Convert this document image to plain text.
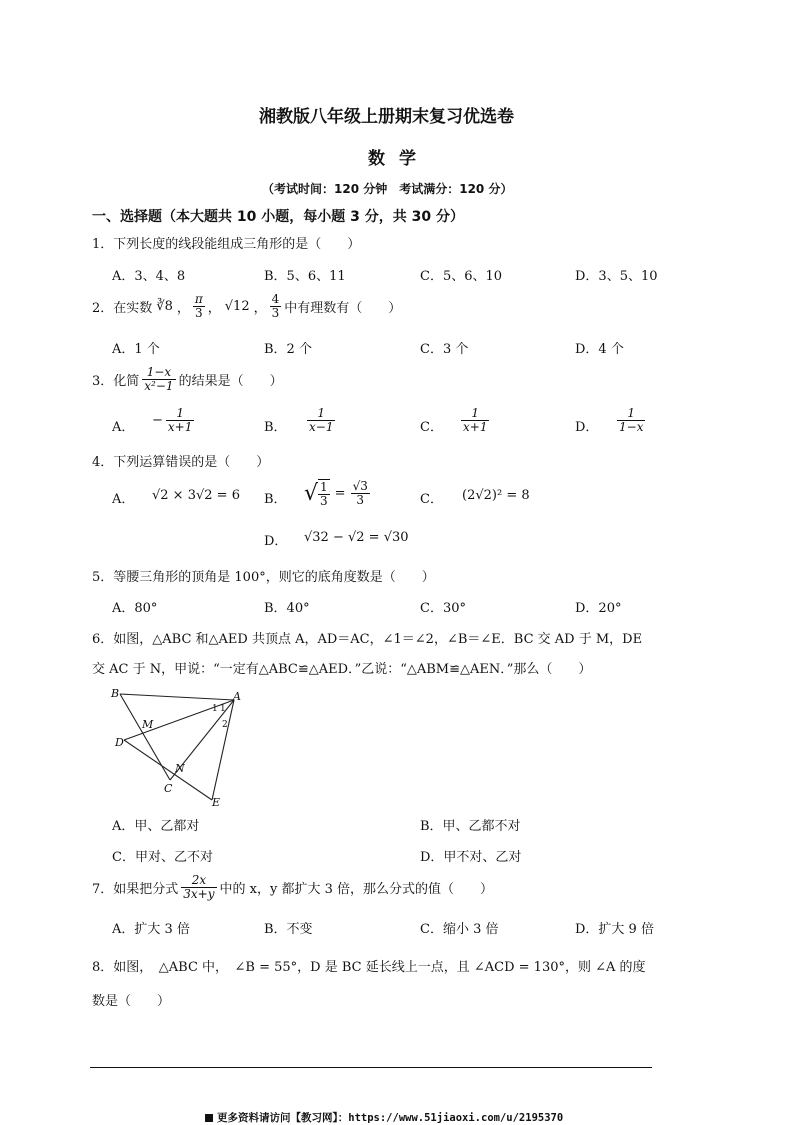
湘教版八年级上册期末复习优选卷
数学
（考试时间：120 分钟　考试满分：120 分）
一、选择题（本大题共 10 小题，每小题 3 分，共 30 分）
1．下列长度的线段能组成三角形的是（　　）
A．3、4、8	B．5、6、11	C．5、6、10	D．3、5、10
2．在实数 ∛8 ， $\frac{\pi}{3}$ ， √12 ， $\frac{4}{3}$ 中有理数有（　　）
A．1 个	B．2 个	C．3 个	D．4 个
3．化简 $\frac{1-x}{\text{x²−1}}$ 的结果是（　　）
A． − $\frac{1}{x+1}$	B． $\frac{1}{x-1}$	C． $\frac{1}{x+1}$	D． $\frac{1}{1-x}$
4．下列运算错误的是（　　）
A． √2 × 3√2 = 6 B． √ $\frac{1}{3} = \frac{√3}{3}$	C． (2√2)² = 8
D． √32 − √2 = √30
5．等腰三角形的顶角是 100°，则它的底角度数是（　　）
A．80°	B．40°	C．30°	D．20°
6．如图，△ABC 和△AED 共顶点 A，AD＝AC，∠1＝∠2，∠B＝∠E．BC 交 AD 于 M，DE
交 AC 于 N，甲说：“一定有△ABC≌△AED．”乙说：“△ABM≌△AEN．”那么（　　）
B	A
1 1
2
M
D
N
C
E
A．甲、乙都对	B．甲、乙都不对
C．甲对、乙不对	D．甲不对、乙对
7．如果把分式 $\frac{2x}{3x+y}$ 中的 x，y 都扩大 3 倍，那么分式的值（　　）
A．扩大 3 倍	B．不变	C．缩小 3 倍	D．扩大 9 倍
8．如图，　△ABC 中，　∠B = 55°，D 是 BC 延长线上一点，且 ∠ACD = 130°，则 ∠A 的度
数是（　　）
更多资料请访问【教习网】：https://www.51jiaoxi.com/u/2195370
